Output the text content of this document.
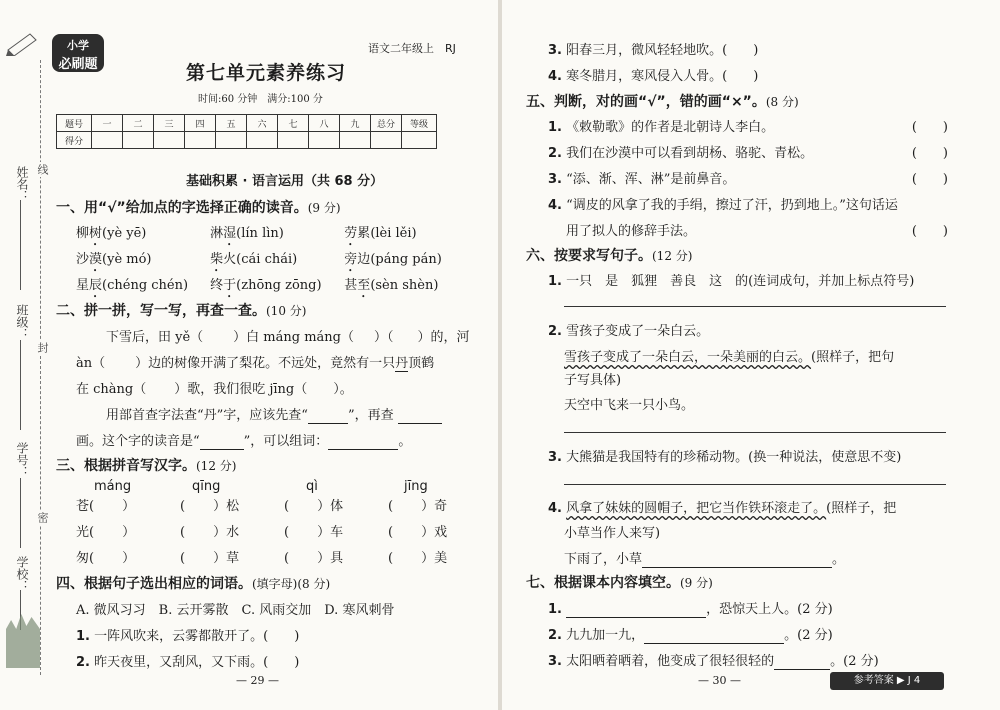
线
封
密
姓名：
班级：
学号：
学校：
小学
必刷题
语文二年级上　RJ
第七单元素养练习
时间:60 分钟　满分:100 分
题号	一	二	三	四	五	六	七	八	九	总分	等级
得分											
基础积累 · 语言运用（共 68 分）
一、用“√”给加点的字选择正确的读音。(9 分)
柳树(yè yē)	淋湿(lín lìn)	劳累(lèi lěi)
沙漠(yè mó)	柴火(cái chái)	旁边(páng pán)
星辰(chéng chén) 终于(zhōng zōng) 甚至(sèn shèn)
二、拼一拼，写一写，再查一查。(10 分)
下雪后，田 yě（ ）白 máng máng（ ）（ ）的，河
àn（ ）边的树像开满了梨花。不远处，竟然有一只丹顶鹤
在 chàng（ ）歌，我们很吃 jīng（ ）。
用部首查字法查“丹”字，应该先查“	”，再查
画。这个字的读音是“	”，可以组词：	。
三、根据拼音写汉字。(12 分)
máng	qīng	qì	jīng
苍( ）	( ）松	( ）体	( ）奇
光( ）	( ）水	( ）车	( ）戏
匆( ）	( ）草	( ）具	( ）美
四、根据句子选出相应的词语。(填字母)(8 分)
A. 微风习习　B. 云开雾散　C. 风雨交加　D. 寒风刺骨
1. 一阵风吹来，云雾都散开了。(　　)
2. 昨天夜里，又刮风，又下雨。(　　)
— 29 —
3. 阳春三月，微风轻轻地吹。(　　)
4. 寒冬腊月，寒风侵入人骨。(　　)
五、判断，对的画“√”，错的画“×”。(8 分)
1. 《敕勒歌》的作者是北朝诗人李白。	(　　)
2. 我们在沙漠中可以看到胡杨、骆驼、青松。	(　　)
3. “添、渐、浑、淋”是前鼻音。	(　　)
4. “调皮的风拿了我的手绢，擦过了汗，扔到地上。”这句话运
用了拟人的修辞手法。	(　　)
六、按要求写句子。(12 分)
1. 一只　是　狐狸　善良　这　的(连词成句，并加上标点符号)
2. 雪孩子变成了一朵白云。
雪孩子变成了一朵白云，一朵美丽的白云。(照样子，把句
子写具体)
天空中飞来一只小鸟。
3. 大熊猫是我国特有的珍稀动物。(换一种说法，使意思不变)
4. 风拿了妹妹的圆帽子，把它当作铁环滚走了。(照样子，把
小草当作人来写)
下雨了，小草	。
七、根据课本内容填空。(9 分)
1.	，恐惊天上人。(2 分)
2. 九九加一九，	。(2 分)
3. 太阳晒着晒着，他变成了很轻很轻的	。(2 分)
— 30 —	参考答案 ▶ J 4
